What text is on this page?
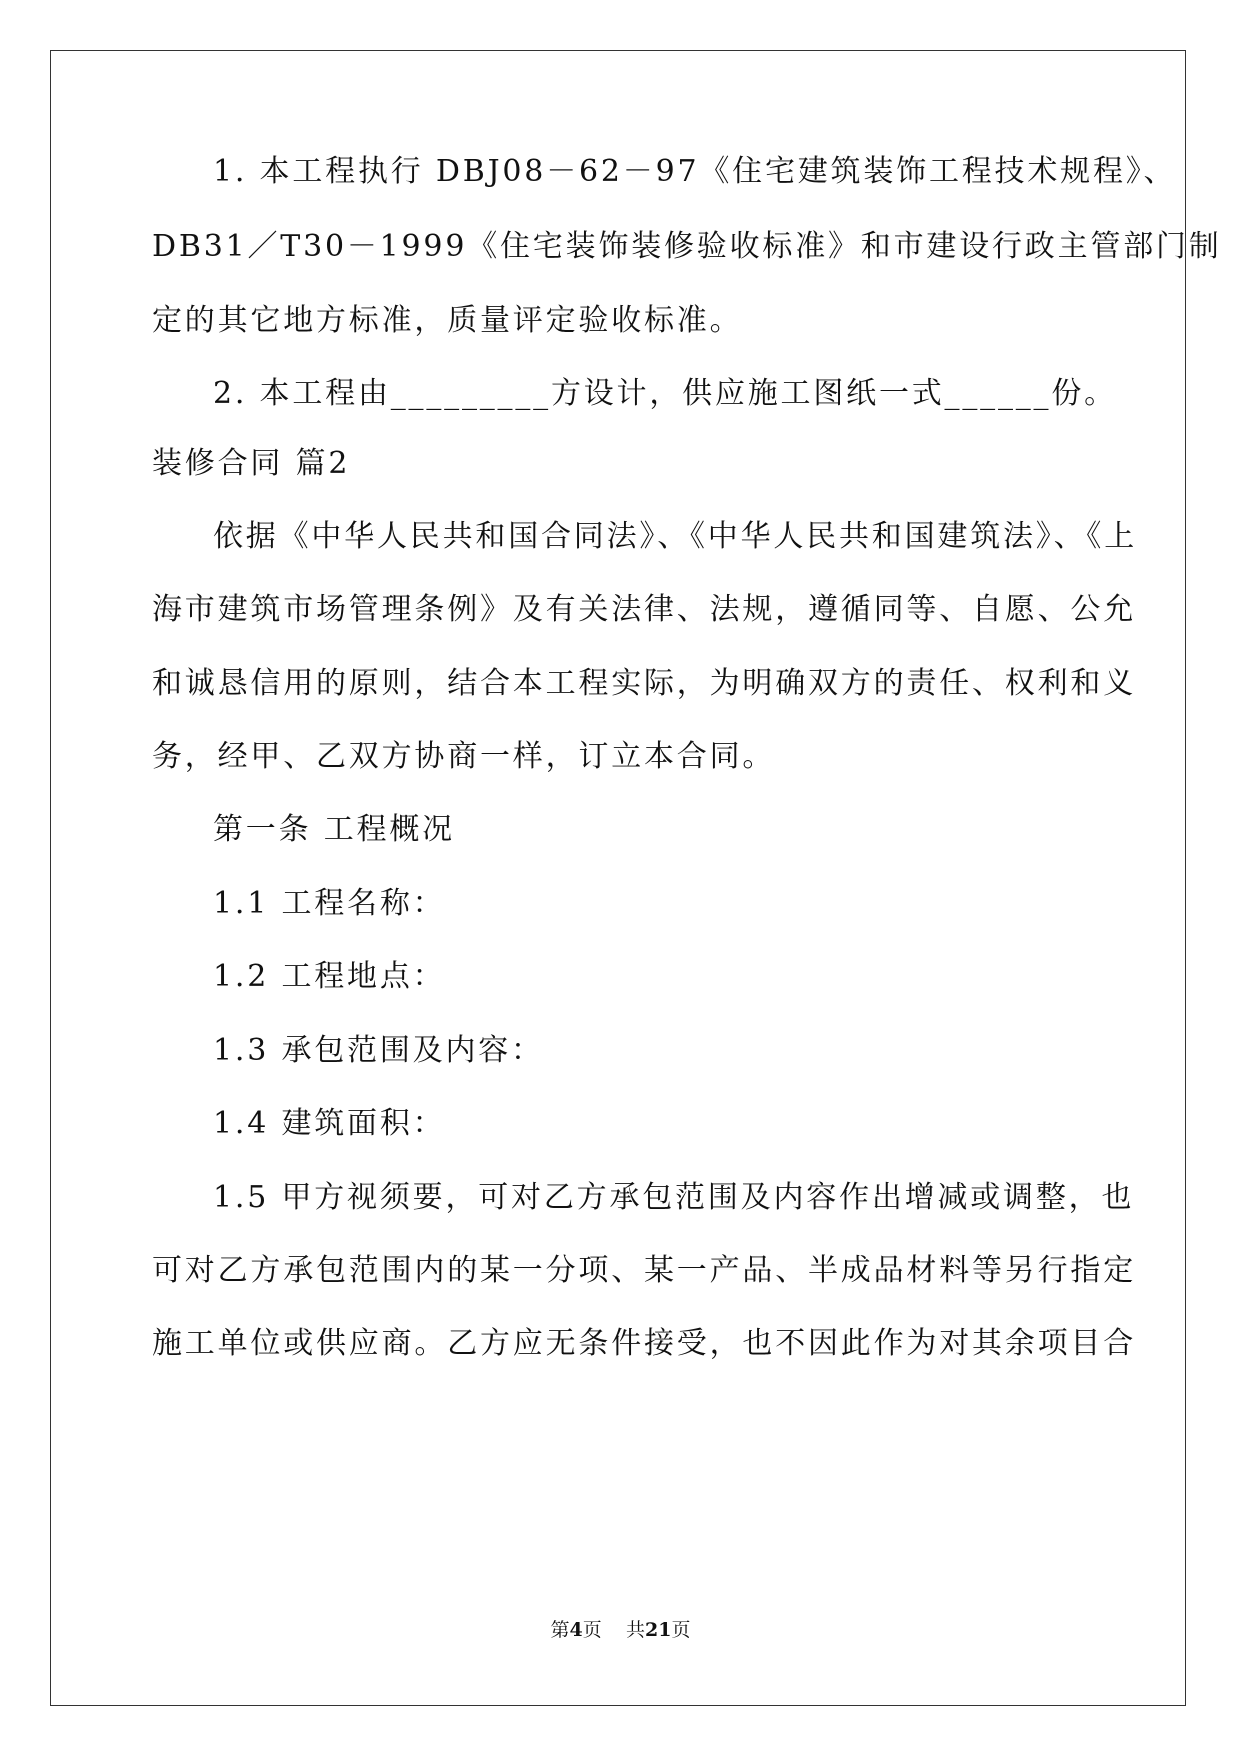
1. 本工程执行 DBJ08－62－97《住宅建筑装饰工程技术规程》、
DB31／T30－1999《住宅装饰装修验收标准》和市建设行政主管部门制
定的其它地方标准，质量评定验收标准。
2. 本工程由_________方设计，供应施工图纸一式______份。
装修合同 篇2
依据《中华人民共和国合同法》、《中华人民共和国建筑法》、《上
海市建筑市场管理条例》及有关法律、法规，遵循同等、自愿、公允
和诚恳信用的原则，结合本工程实际，为明确双方的责任、权利和义
务，经甲、乙双方协商一样，订立本合同。
第一条 工程概况
1.1 工程名称：
1.2 工程地点：
1.3 承包范围及内容：
1.4 建筑面积：
1.5 甲方视须要，可对乙方承包范围及内容作出增减或调整，也
可对乙方承包范围内的某一分项、某一产品、半成品材料等另行指定
施工单位或供应商。乙方应无条件接受，也不因此作为对其余项目合
第4页 共21页
